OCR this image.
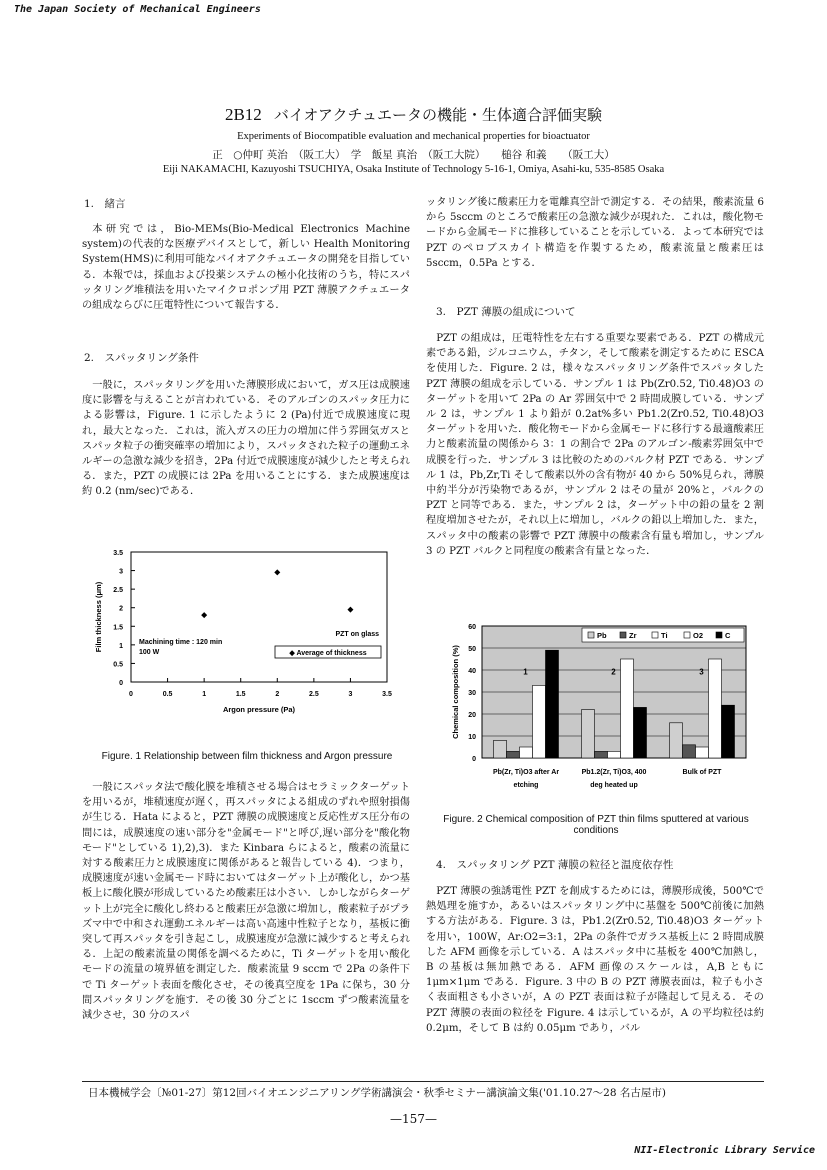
The Japan Society of Mechanical Engineers
2B12 バイオアクチュエータの機能・生体適合評価実験
Experiments of Biocompatible evaluation and mechanical properties for bioactuator
正　○仲町 英治　（阪工大）　学　飯星 真治　（阪工大院）　　槌谷 和義　　（阪工大）
Eiji NAKAMACHI, Kazuyoshi TSUCHIYA, Osaka Institute of Technology 5-16-1, Omiya, Asahi-ku, 535-8585 Osaka
1.　緒言
本研究では，Bio-MEMs(Bio-Medical Electronics Machine system)の代表的な医療デバイスとして，新しい Health Monitoring System(HMS)に利用可能なバイオアクチュエータの開発を目指している．本報では，採血および投薬システムの極小化技術のうち，特にスパッタリング堆積法を用いたマイクロポンプ用 PZT 薄膜アクチュエータの組成ならびに圧電特性について報告する．
2.　スパッタリング条件
一般に，スパッタリングを用いた薄膜形成において，ガス圧は成膜速度に影響を与えることが言われている．そのアルゴンのスパッタ圧力による影響は，Figure. 1 に示したように 2 (Pa)付近で成膜速度に現れ，最大となった．これは，流入ガスの圧力の増加に伴う雰囲気ガスとスパッタ粒子の衝突確率の増加により，スパッタされた粒子の運動エネルギーの急激な減少を招き，2Pa 付近で成膜速度が減少したと考えられる．また，PZT の成膜には 2Pa を用いることにする．また成膜速度は約 0.2 (nm/sec)である．
0
0.5
1
1.5
2
2.5
3
3.5
0	0.5	1	1.5	2	2.5	3	3.5
Argon pressure (Pa)
Film thickness (μm)	Machining time : 120 min
100 W
PZT on glass
◆ Average of thickness
Figure. 1 Relationship between film thickness and Argon pressure
一般にスパッタ法で酸化膜を堆積させる場合はセラミックターゲットを用いるが，堆積速度が遅く，再スパッタによる組成のずれや照射損傷が生じる．Hata によると，PZT 薄膜の成膜速度と反応性ガス圧分布の間には，成膜速度の速い部分を"金属モード"と呼び,遅い部分を"酸化物モード"としている 1),2),3)．また Kinbara らによると，酸素の流量に対する酸素圧力と成膜速度に関係があると報告している 4)．つまり，成膜速度が速い金属モード時においてはターゲット上が酸化し，かつ基板上に酸化膜が形成しているため酸素圧は小さい．しかしながらターゲット上が完全に酸化し終わると酸素圧が急激に増加し，酸素粒子がプラズマ中で中和され運動エネルギーは高い高速中性粒子となり，基板に衝突して再スパッタを引き起こし，成膜速度が急激に減少すると考えられる．上記の酸素流量の関係を調べるために，Ti ターゲットを用い酸化モードの流量の境界値を測定した．酸素流量 9 sccm で 2Pa の条件下で Ti ターゲット表面を酸化させ，その後真空度を 1Pa に保ち，30 分間スパッタリングを施す．その後 30 分ごとに 1sccm ずつ酸素流量を減少させ，30 分のスパ
ッタリング後に酸素圧力を電離真空計で測定する．その結果，酸素流量 6 から 5sccm のところで酸素圧の急激な減少が現れた．これは，酸化物モードから金属モードに推移していることを示している．よって本研究では PZT のペロブスカイト構造を作製するため，酸素流量と酸素圧は 5sccm，0.5Pa とする．
3.　PZT 薄膜の組成について
PZT の組成は，圧電特性を左右する重要な要素である．PZT の構成元素である鉛，ジルコニウム，チタン，そして酸素を測定するために ESCA を使用した．Figure. 2 は，様々なスパッタリング条件でスパッタした PZT 薄膜の組成を示している．サンプル 1 は Pb(Zr0.52, Ti0.48)O3 のターゲットを用いて 2Pa の Ar 雰囲気中で 2 時間成膜している．サンプル 2 は，サンプル 1 より鉛が 0.2at%多い Pb1.2(Zr0.52, Ti0.48)O3 ターゲットを用いた．酸化物モードから金属モードに移行する最適酸素圧力と酸素流量の関係から 3：1 の割合で 2Pa のアルゴン-酸素雰囲気中で成膜を行った．サンプル 3 は比較のためのバルク材 PZT である．サンプル 1 は，Pb,Zr,Ti そして酸素以外の含有物が 40 から 50%見られ，薄膜中約半分が汚染物であるが，サンプル 2 はその量が 20%と，バルクの PZT と同等である．また，サンプル 2 は，ターゲット中の鉛の量を 2 割程度増加させたが，それ以上に増加し，バルクの鉛以上増加した．また，スパッタ中の酸素の影響で PZT 薄膜中の酸素含有量も増加し，サンプル 3 の PZT バルクと同程度の酸素含有量となった．
0
10
20
30
40
50
60
1
Pb(Zr, Ti)O3 after Ar
etching
2
Pb1.2(Zr, Ti)O3, 400
deg heated up
3
Bulk of PZT
Chemical composition (%)
Pb	Zr	Ti	O2	C
Figure. 2 Chemical composition of PZT thin films sputtered at various conditions
4.　スパッタリング PZT 薄膜の粒径と温度依存性
PZT 薄膜の強誘電性 PZT を創成するためには，薄膜形成後，500℃で熱処理を施すか，あるいはスパッタリング中に基盤を 500℃前後に加熱する方法がある．Figure. 3 は，Pb1.2(Zr0.52, Ti0.48)O3 ターゲットを用い，100W，Ar:O2=3:1，2Pa の条件でガラス基板上に 2 時間成膜した AFM 画像を示している．A はスパッタ中に基板を 400℃加熱し，B の基板は無加熱である．AFM 画像のスケールは，A,B ともに 1μm×1μm である．Figure. 3 中の B の PZT 薄膜表面は，粒子も小さく表面粗さも小さいが，A の PZT 表面は粒子が隆起して見える．その PZT 薄膜の表面の粒径を Figure. 4 は示しているが，A の平均粒径は約 0.2μm，そして B は約 0.05μm であり，バル
日本機械学会〔№01-27〕第12回バイオエンジニアリング学術講演会・秋季セミナー講演論文集('01.10.27〜28 名古屋市)
—157—
NII-Electronic Library Service
